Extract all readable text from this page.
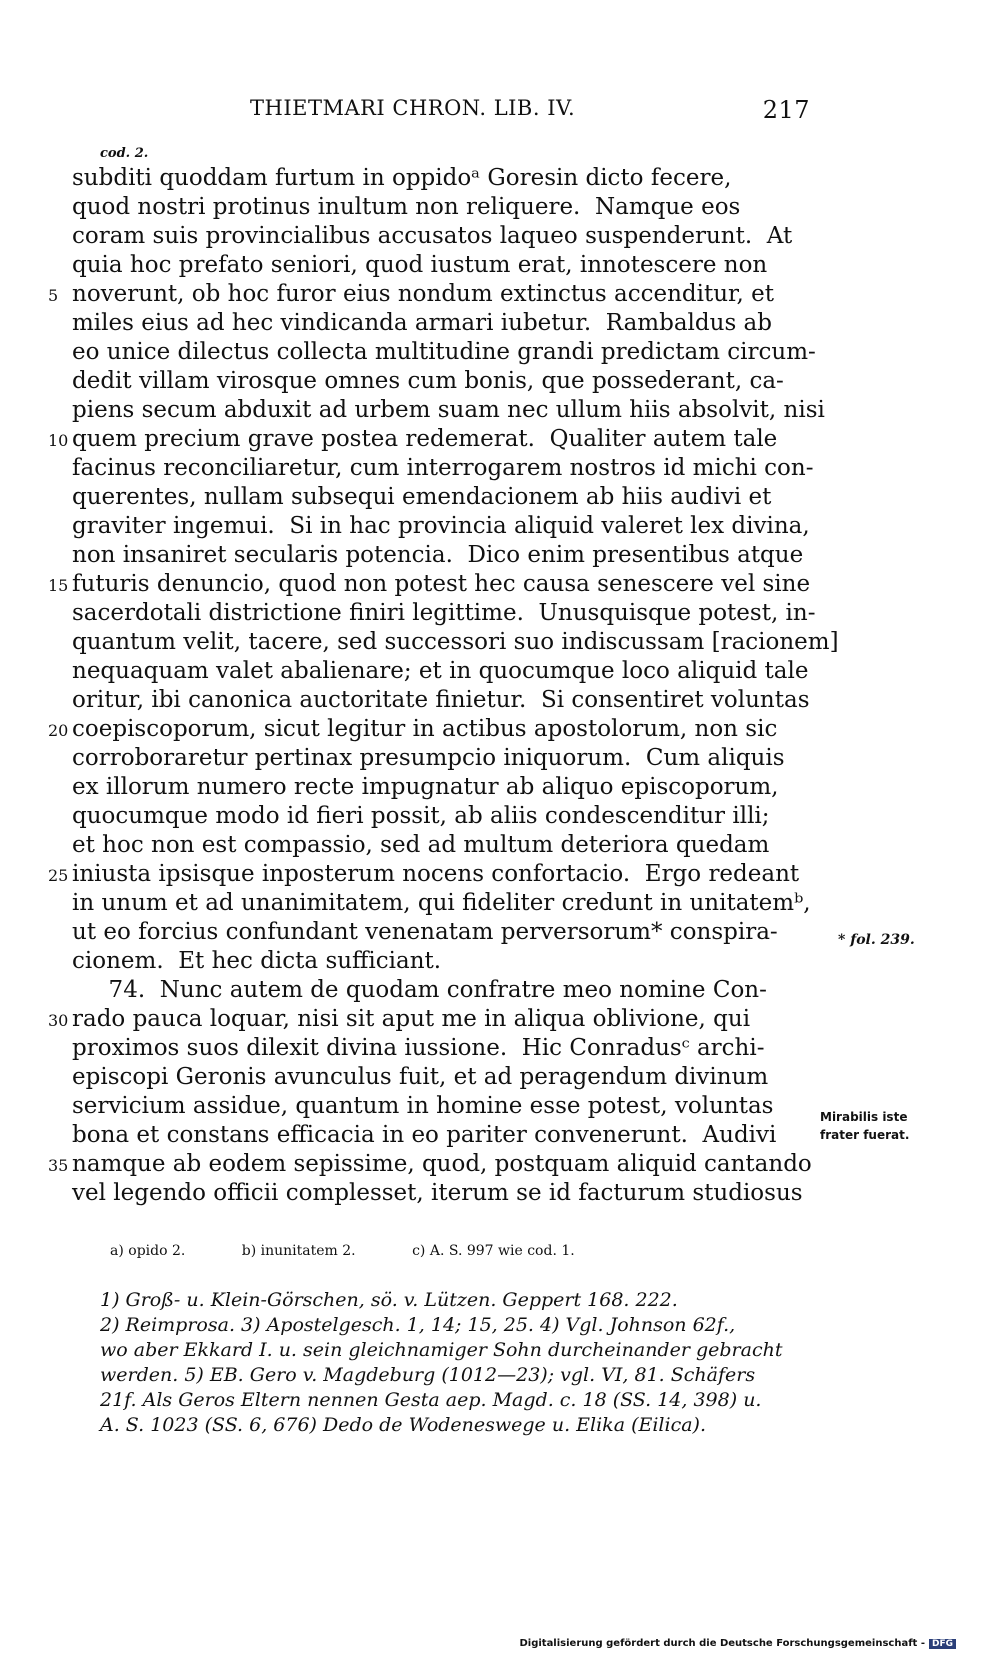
THIETMARI CHRON. LIB. IV.	217
cod. 2.
subditi quoddam furtum in oppidoᵃ Goresin dicto fecere,
quod nostri protinus inultum non reliquere.  Namque eos
coram suis provincialibus accusatos laqueo suspenderunt.  At
quia hoc prefato seniori, quod iustum erat, innotescere non
5 noverunt, ob hoc furor eius nondum extinctus accenditur, et
miles eius ad hec vindicanda armari iubetur.  Rambaldus ab
eo unice dilectus collecta multitudine grandi predictam circum-
dedit villam virosque omnes cum bonis, que possederant, ca-
piens secum abduxit ad urbem suam nec ullum hiis absolvit, nisi
10 quem precium grave postea redemerat.  Qualiter autem tale
facinus reconciliaretur, cum interrogarem nostros id michi con-
querentes, nullam subsequi emendacionem ab hiis audivi et
graviter ingemui.  Si in hac provincia aliquid valeret lex divina,
non insaniret secularis potencia.  Dico enim presentibus atque
15 futuris denuncio, quod non potest hec causa senescere vel sine
sacerdotali districtione finiri legittime.  Unusquisque potest, in-
quantum velit, tacere, sed successori suo indiscussam [racionem]
nequaquam valet abalienare; et in quocumque loco aliquid tale
oritur, ibi canonica auctoritate finietur.  Si consentiret voluntas
20 coepiscoporum, sicut legitur in actibus apostolorum, non sic
corroboraretur pertinax presumpcio iniquorum.  Cum aliquis
ex illorum numero recte impugnatur ab aliquo episcoporum,
quocumque modo id fieri possit, ab aliis condescenditur illi;
et hoc non est compassio, sed ad multum deteriora quedam
25 iniusta ipsisque inposterum nocens confortacio.  Ergo redeant
in unum et ad unanimitatem, qui fideliter credunt in unitatemᵇ,
ut eo forcius confundant venenatam perversorum* conspira-
cionem.  Et hec dicta sufficiant.
74.  Nunc autem de quodam confratre meo nomine Con-
30 rado pauca loquar, nisi sit aput me in aliqua oblivione, qui
proximos suos dilexit divina iussione.  Hic Conradusᶜ archi-
episcopi Geronis avunculus fuit, et ad peragendum divinum
servicium assidue, quantum in homine esse potest, voluntas
bona et constans efficacia in eo pariter convenerunt.  Audivi
35 namque ab eodem sepissime, quod, postquam aliquid cantando
vel legendo officii complesset, iterum se id facturum studiosus
* fol. 239.
Mirabilis iste
frater fuerat.
a) opido 2.	b) inunitatem 2.	c) A. S. 997 wie cod. 1.
1) Groß- u. Klein-Görschen, sö. v. Lützen. Geppert 168. 222.
2) Reimprosa. 3) Apostelgesch. 1, 14; 15, 25. 4) Vgl. Johnson 62f.,
wo aber Ekkard I. u. sein gleichnamiger Sohn durcheinander gebracht
werden. 5) EB. Gero v. Magdeburg (1012—23); vgl. VI, 81. Schäfers
21f. Als Geros Eltern nennen Gesta aep. Magd. c. 18 (SS. 14, 398) u.
A. S. 1023 (SS. 6, 676) Dedo de Wodeneswege u. Elika (Eilica).
Digitalisierung gefördert durch die Deutsche Forschungsgemeinschaft - DFG
